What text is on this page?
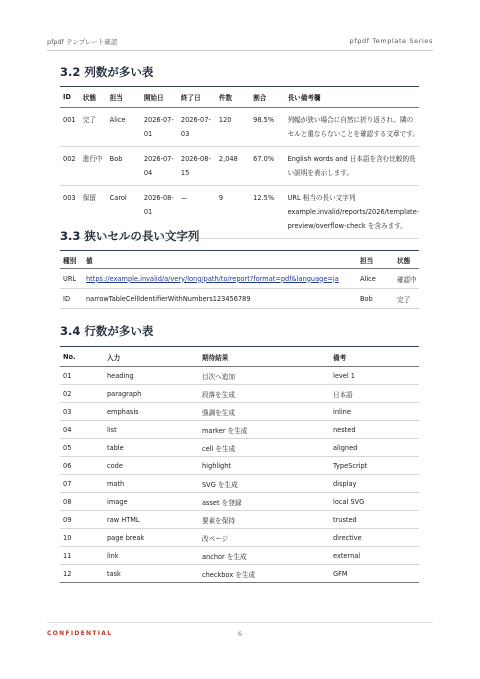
pfpdf テンプレート確認	pfpdf Template Series
3.2 列数が多い表
ID	状態	担当	開始日	終了日	件数	割合	長い備考欄
001	完了	Alice	2026-07-01	2026-07-03	120	98.5%	列幅が狭い場合に自然に折り返され、隣のセルと重ならないことを確認する文章です。
002	進行中	Bob	2026-07-04	2026-08-15	2,048	67.0%	English words and 日本語を含む比較的長い説明を表示します。
003	保留	Carol	2026-08-01	—	9	12.5%	URL 相当の長い文字列 example.invalid/reports/2026/template-preview/overflow-check を含みます。
3.3 狭いセルの長い文字列
種別	値	担当	状態
URL	https://example.invalid/a/very/long/path/to/report?format=pdf&language=ja	Alice	確認中
ID	narrowTableCellIdentifierWithNumbers123456789	Bob	完了
3.4 行数が多い表
No.	入力	期待結果	備考
01	heading	目次へ追加	level 1
02	paragraph	段落を生成	日本語
03	emphasis	強調を生成	inline
04	list	marker を生成	nested
05	table	cell を生成	aligned
06	code	highlight	TypeScript
07	math	SVG を生成	display
08	image	asset を登録	local SVG
09	raw HTML	要素を保持	trusted
10	page break	改ページ	directive
11	link	anchor を生成	external
12	task	checkbox を生成	GFM
CONFIDENTIAL	6
